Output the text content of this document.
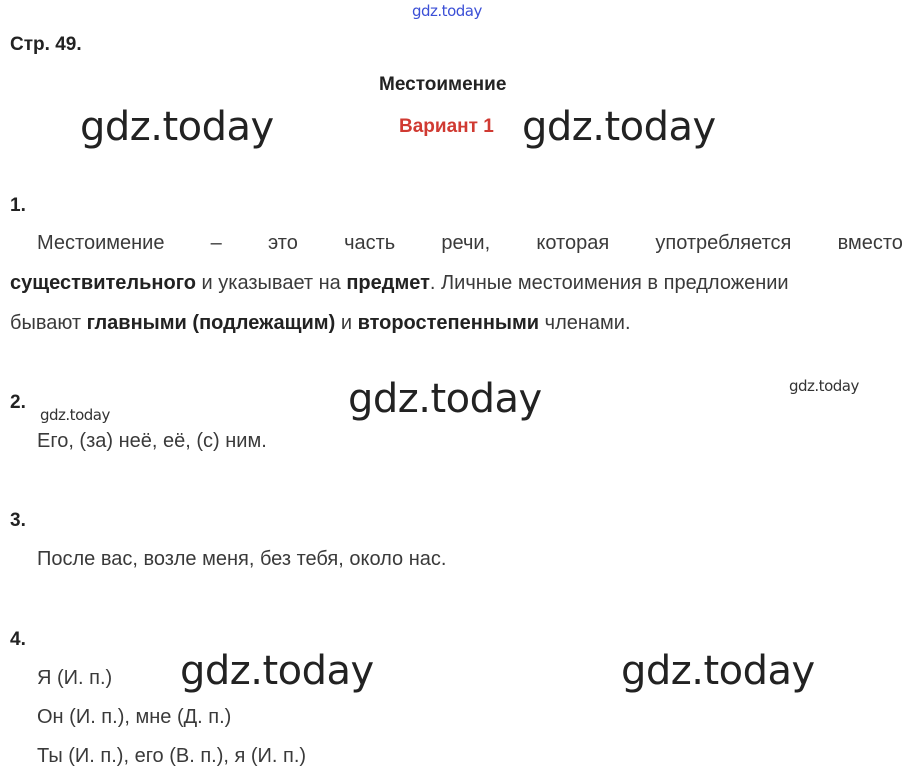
gdz.today
gdz.today	gdz.today
gdz.today	gdz.today
gdz.today
gdz.today	gdz.today
Стр. 49.
Местоимение
Вариант 1
1.
Местоимение – это часть речи, которая употребляется вместо
существительного и указывает на предмет. Личные местоимения в предложении
бывают главными (подлежащим) и второстепенными членами.
2.
Его, (за) неё, её, (с) ним.
3.
После вас, возле меня, без тебя, около нас.
4.
Я (И. п.)
Он (И. п.), мне (Д. п.)
Ты (И. п.), его (В. п.), я (И. п.)
